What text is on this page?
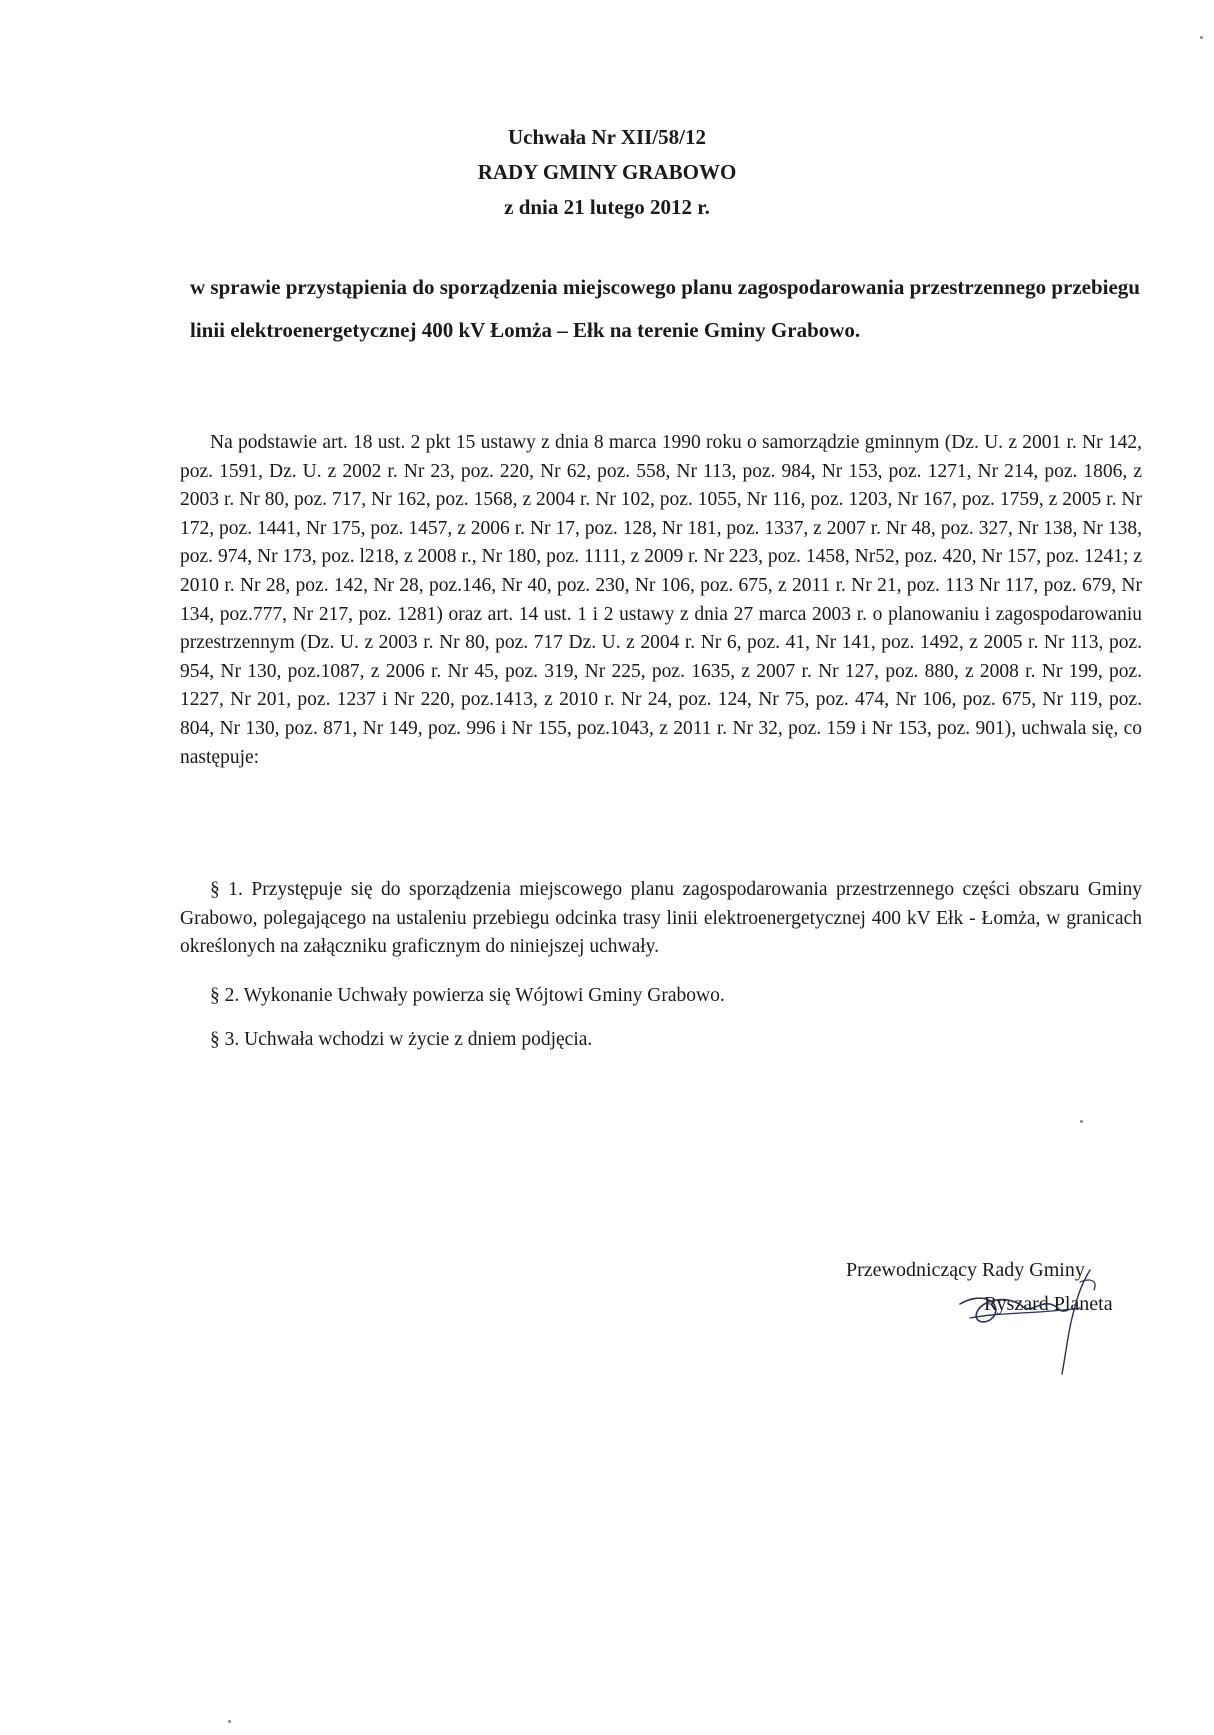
Uchwała Nr XII/58/12
RADY GMINY GRABOWO
z dnia 21 lutego 2012 r.
w sprawie przystąpienia do sporządzenia miejscowego planu zagospodarowania przestrzennego przebiegu linii elektroenergetycznej 400 kV Łomża – Ełk na terenie Gminy Grabowo.
Na podstawie art. 18 ust. 2 pkt 15 ustawy z dnia 8 marca 1990 roku o samorządzie gminnym (Dz. U. z 2001 r. Nr 142, poz. 1591, Dz. U. z 2002 r. Nr 23, poz. 220, Nr 62, poz. 558, Nr 113, poz. 984, Nr 153, poz. 1271, Nr 214, poz. 1806, z 2003 r. Nr 80, poz. 717, Nr 162, poz. 1568, z 2004 r. Nr 102, poz. 1055, Nr 116, poz. 1203, Nr 167, poz. 1759, z 2005 r. Nr 172, poz. 1441, Nr 175, poz. 1457, z 2006 r. Nr 17, poz. 128, Nr 181, poz. 1337, z 2007 r. Nr 48, poz. 327, Nr 138, Nr 138, poz. 974, Nr 173, poz. l218, z 2008 r., Nr 180, poz. 1111, z 2009 r. Nr 223, poz. 1458, Nr52, poz. 420, Nr 157, poz. 1241; z 2010 r. Nr 28, poz. 142, Nr 28, poz.146, Nr 40, poz. 230, Nr 106, poz. 675, z 2011 r. Nr 21, poz. 113 Nr 117, poz. 679, Nr 134, poz.777, Nr 217, poz. 1281) oraz art. 14 ust. 1 i 2 ustawy z dnia 27 marca 2003 r. o planowaniu i zagospodarowaniu przestrzennym (Dz. U. z 2003 r. Nr 80, poz. 717 Dz. U. z 2004 r. Nr 6, poz. 41, Nr 141, poz. 1492, z 2005 r. Nr 113, poz. 954, Nr 130, poz.1087, z 2006 r. Nr 45, poz. 319, Nr 225, poz. 1635, z 2007 r. Nr 127, poz. 880, z 2008 r. Nr 199, poz. 1227, Nr 201, poz. 1237 i Nr 220, poz.1413, z 2010 r. Nr 24, poz. 124, Nr 75, poz. 474, Nr 106, poz. 675, Nr 119, poz. 804, Nr 130, poz. 871, Nr 149, poz. 996 i Nr 155, poz.1043, z 2011 r. Nr 32, poz. 159 i Nr 153, poz. 901), uchwala się, co następuje:

§ 1. Przystępuje się do sporządzenia miejscowego planu zagospodarowania przestrzennego części obszaru Gminy Grabowo, polegającego na ustaleniu przebiegu odcinka trasy linii elektroenergetycznej 400 kV Ełk - Łomża, w granicach określonych na załączniku graficznym do niniejszej uchwały.

§ 2. Wykonanie Uchwały powierza się Wójtowi Gminy Grabowo.

§ 3. Uchwała wchodzi w życie z dniem podjęcia.

Przewodniczący Rady Gminy
Ryszard Planeta
